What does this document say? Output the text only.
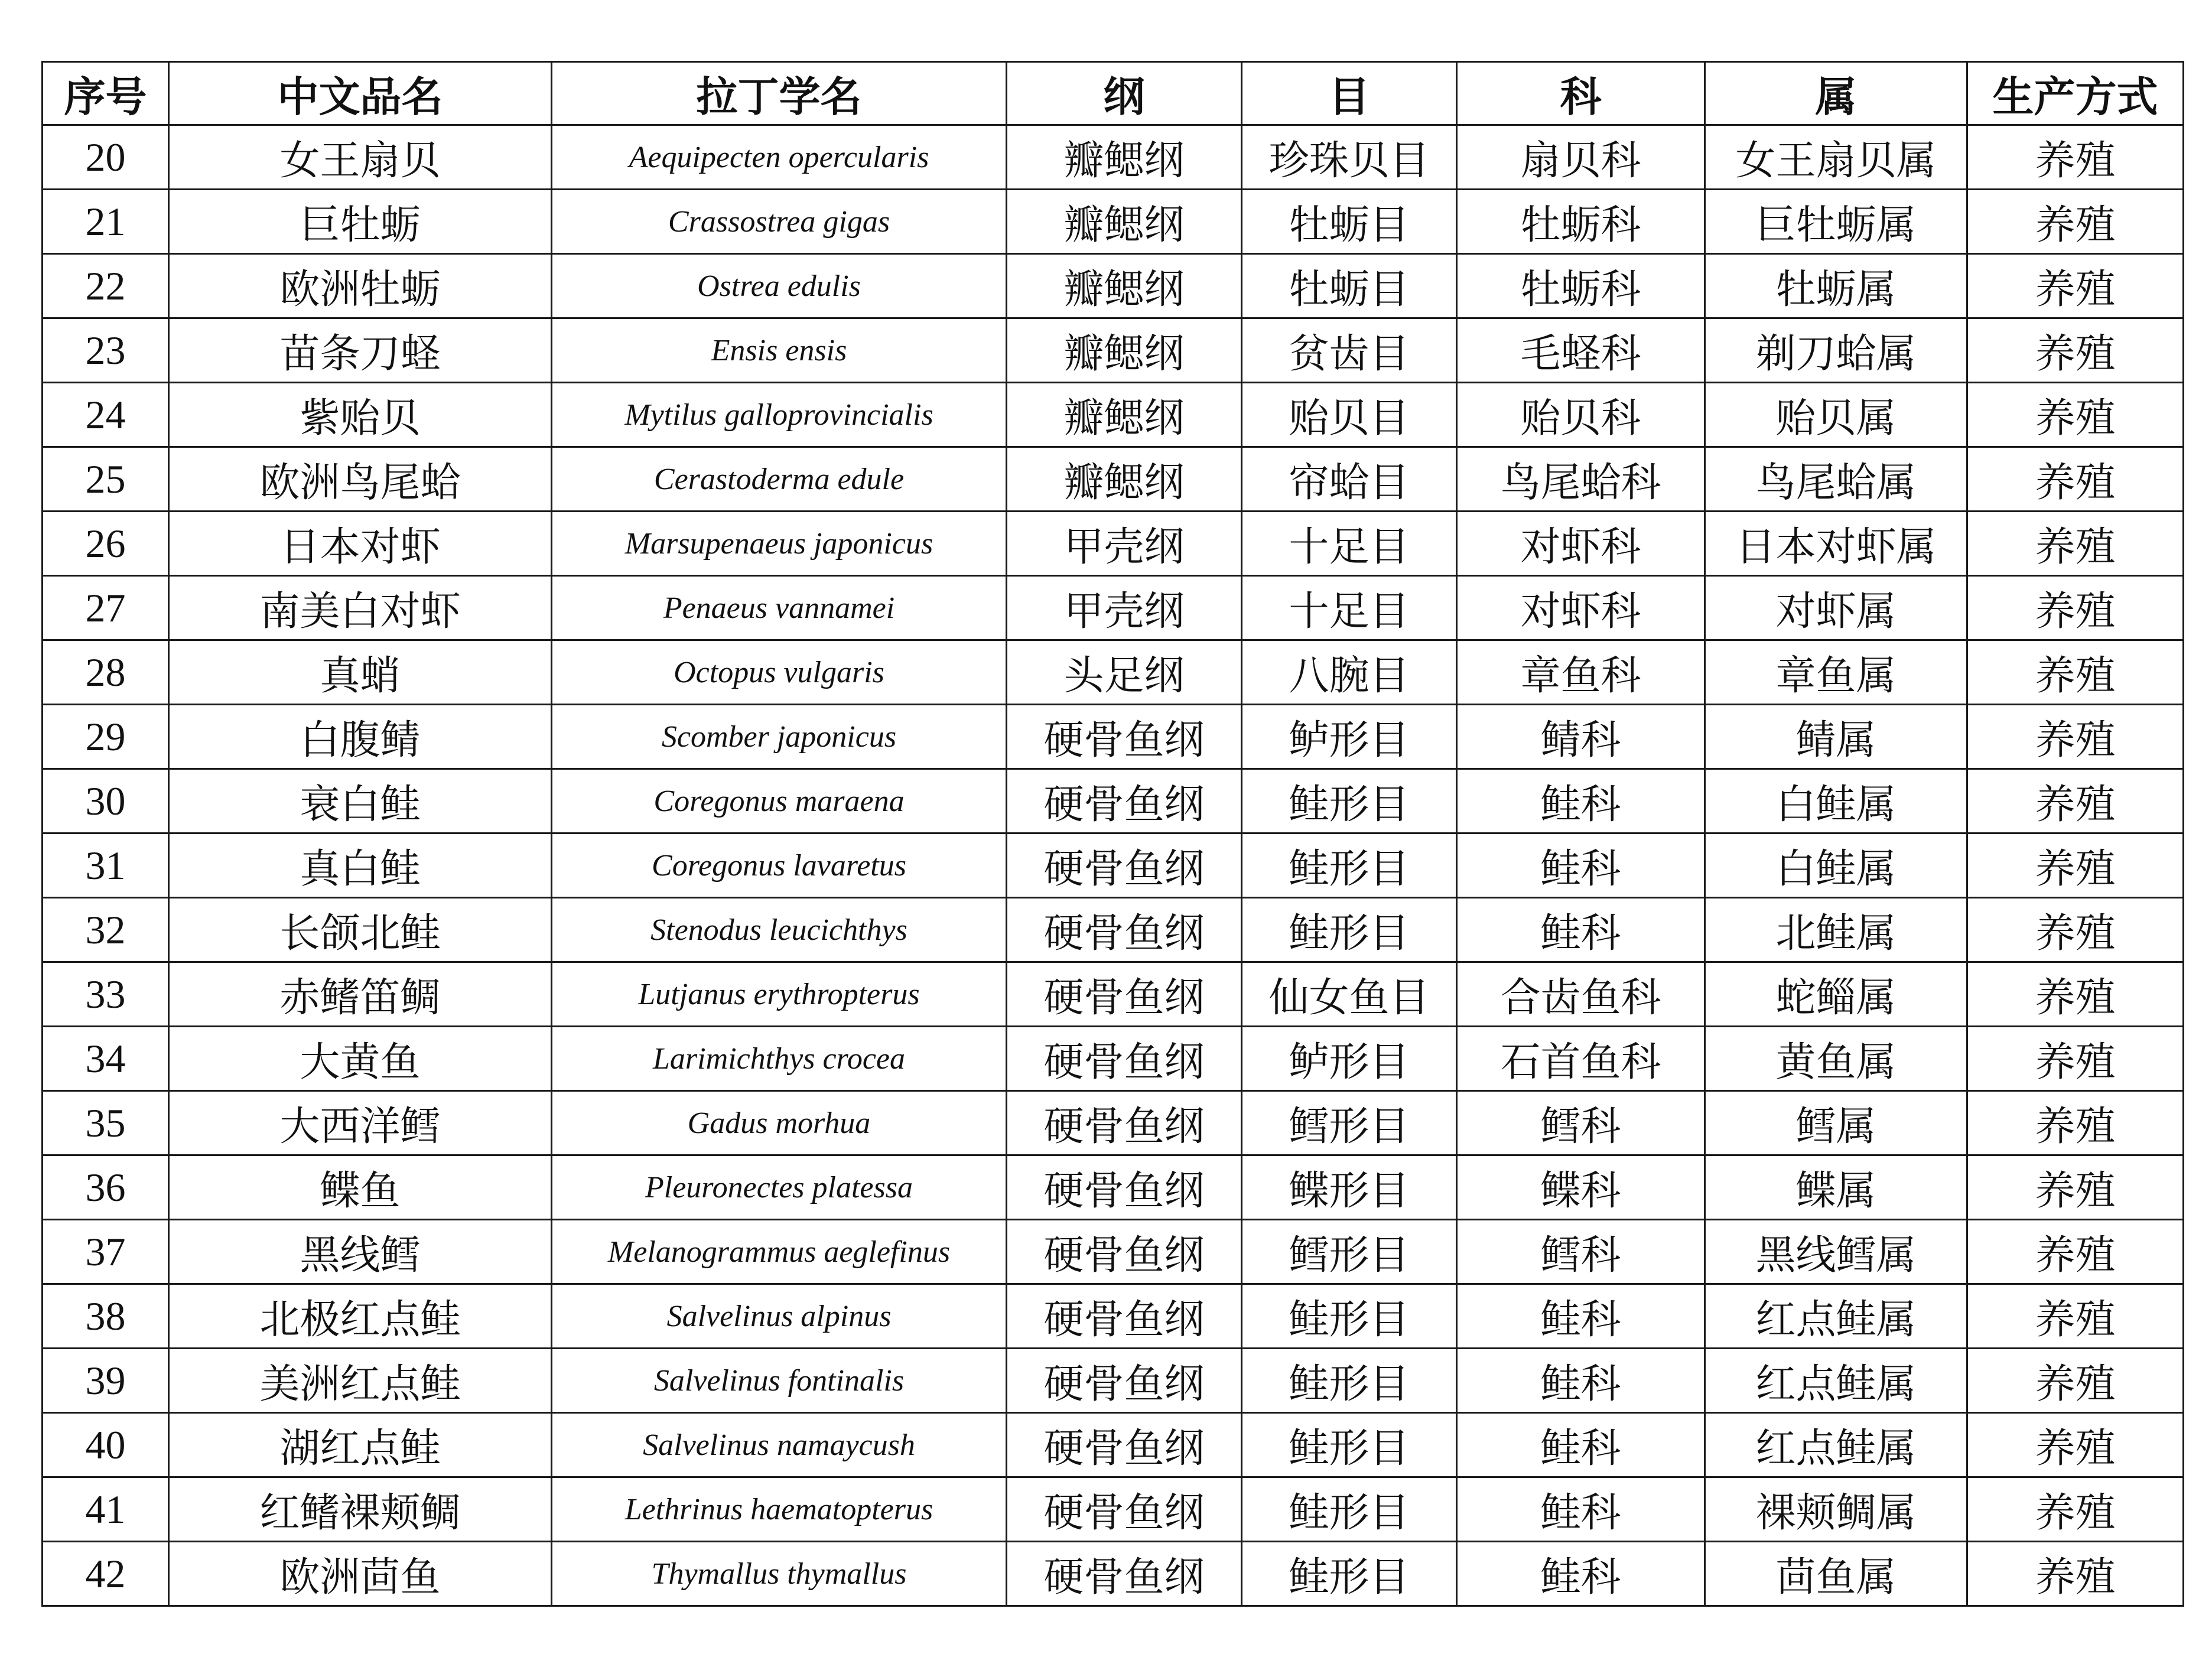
序号	中文品名	拉丁学名	纲	目	科	属	生产方式
20	女王扇贝	Aequipecten opercularis	瓣鳃纲	珍珠贝目	扇贝科	女王扇贝属	养殖
21	巨牡蛎	Crassostrea gigas	瓣鳃纲	牡蛎目	牡蛎科	巨牡蛎属	养殖
22	欧洲牡蛎	Ostrea edulis	瓣鳃纲	牡蛎目	牡蛎科	牡蛎属	养殖
23	苗条刀蛏	Ensis ensis	瓣鳃纲	贫齿目	毛蛏科	剃刀蛤属	养殖
24	紫贻贝	Mytilus galloprovincialis	瓣鳃纲	贻贝目	贻贝科	贻贝属	养殖
25	欧洲鸟尾蛤	Cerastoderma edule	瓣鳃纲	帘蛤目	鸟尾蛤科	鸟尾蛤属	养殖
26	日本对虾	Marsupenaeus japonicus	甲壳纲	十足目	对虾科	日本对虾属	养殖
27	南美白对虾	Penaeus vannamei	甲壳纲	十足目	对虾科	对虾属	养殖
28	真蛸	Octopus vulgaris	头足纲	八腕目	章鱼科	章鱼属	养殖
29	白腹鲭	Scomber japonicus	硬骨鱼纲	鲈形目	鲭科	鲭属	养殖
30	衰白鲑	Coregonus maraena	硬骨鱼纲	鲑形目	鲑科	白鲑属	养殖
31	真白鲑	Coregonus lavaretus	硬骨鱼纲	鲑形目	鲑科	白鲑属	养殖
32	长颌北鲑	Stenodus leucichthys	硬骨鱼纲	鲑形目	鲑科	北鲑属	养殖
33	赤鳍笛鲷	Lutjanus erythropterus	硬骨鱼纲	仙女鱼目	合齿鱼科	蛇鲻属	养殖
34	大黄鱼	Larimichthys crocea	硬骨鱼纲	鲈形目	石首鱼科	黄鱼属	养殖
35	大西洋鳕	Gadus morhua	硬骨鱼纲	鳕形目	鳕科	鳕属	养殖
36	鲽鱼	Pleuronectes platessa	硬骨鱼纲	鲽形目	鲽科	鲽属	养殖
37	黑线鳕	Melanogrammus aeglefinus	硬骨鱼纲	鳕形目	鳕科	黑线鳕属	养殖
38	北极红点鲑	Salvelinus alpinus	硬骨鱼纲	鲑形目	鲑科	红点鲑属	养殖
39	美洲红点鲑	Salvelinus fontinalis	硬骨鱼纲	鲑形目	鲑科	红点鲑属	养殖
40	湖红点鲑	Salvelinus namaycush	硬骨鱼纲	鲑形目	鲑科	红点鲑属	养殖
41	红鳍裸颊鲷	Lethrinus haematopterus	硬骨鱼纲	鲑形目	鲑科	裸颊鲷属	养殖
42	欧洲茴鱼	Thymallus thymallus	硬骨鱼纲	鲑形目	鲑科	茴鱼属	养殖
